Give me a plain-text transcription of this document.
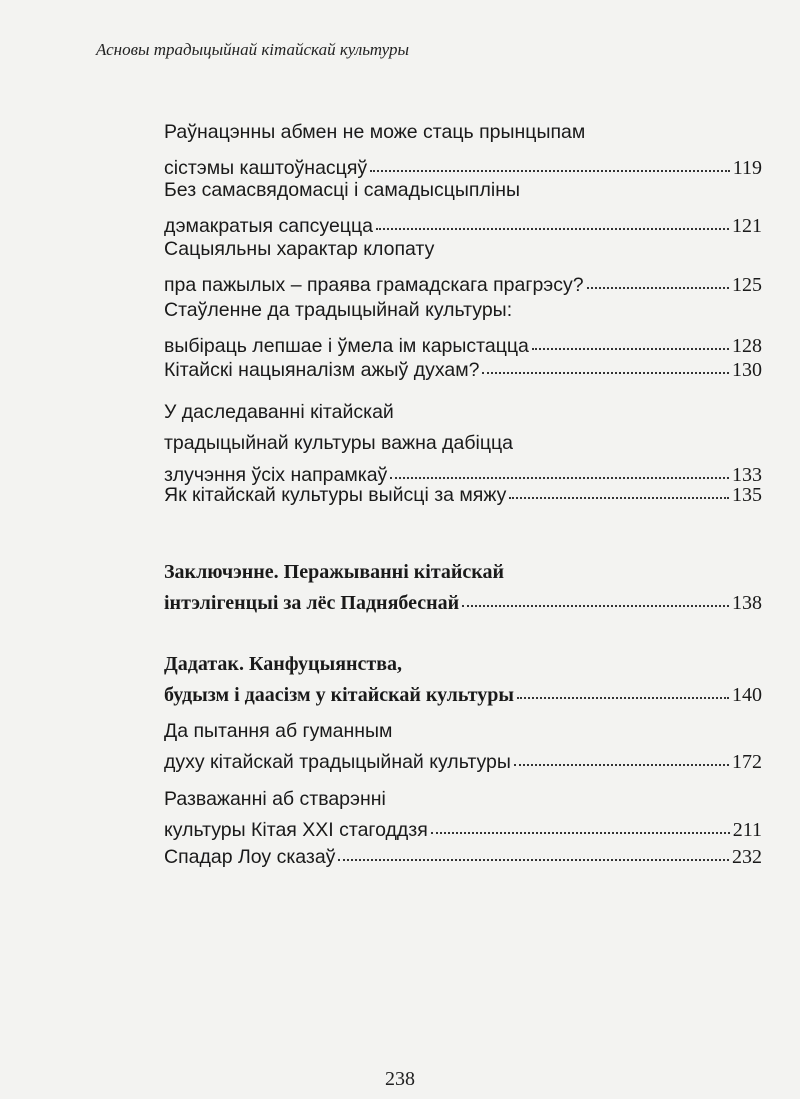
Асновы традыцыйнай кітайскай культуры
Раўнацэнны абмен не може стаць прынцыпам
сістэмы каштоўнасцяў	119
Без самасвядомасці і самадысцыпліны
дэмакратыя сапсуецца	121
Сацыяльны характар клопату
пра пажылых – праява грамадскага прагрэсу?	125
Стаўленне да традыцыйнай культуры:
выбіраць лепшае і ўмела ім карыстацца	128
Кітайскі нацыяналізм ажыў духам?	130
У даследаванні кітайскай
традыцыйнай культуры важна дабіцца
злучэння ўсіх напрамкаў	133
Як кітайскай культуры выйсці за мяжу	135
Заключэнне. Перажыванні кітайскай
інтэлігенцыі за лёс Паднябеснай	138
Дадатак. Канфуцыянства,
будызм і даасізм у кітайскай культуры	140
Да пытання аб гуманным
духу кітайскай традыцыйнай культуры	172
Разважанні аб стварэнні
культуры Кітая XXI стагоддзя	211
Спадар Лоу сказаў	232
238
